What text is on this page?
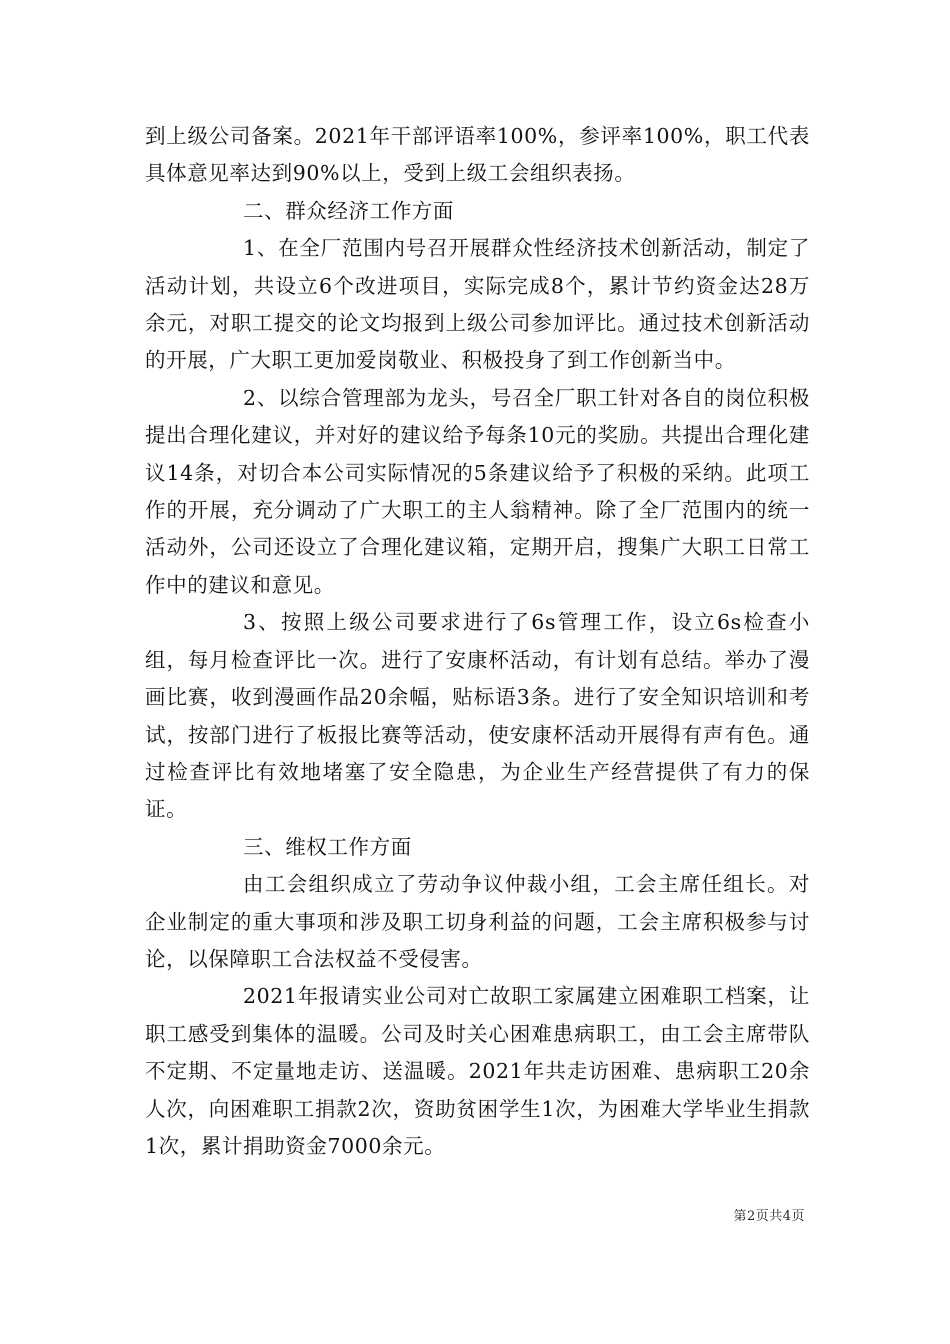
到上级公司备案。2021年干部评语率100%，参评率100%，职工代表具体意见率达到90%以上，受到上级工会组织表扬。

二、群众经济工作方面

1、在全厂范围内号召开展群众性经济技术创新活动，制定了活动计划，共设立6个改进项目，实际完成8个，累计节约资金达28万余元，对职工提交的论文均报到上级公司参加评比。通过技术创新活动的开展，广大职工更加爱岗敬业、积极投身了到工作创新当中。

2、以综合管理部为龙头，号召全厂职工针对各自的岗位积极提出合理化建议，并对好的建议给予每条10元的奖励。共提出合理化建议14条，对切合本公司实际情况的5条建议给予了积极的采纳。此项工作的开展，充分调动了广大职工的主人翁精神。除了全厂范围内的统一活动外，公司还设立了合理化建议箱，定期开启，搜集广大职工日常工作中的建议和意见。

3、按照上级公司要求进行了6s管理工作，设立6s检查小组，每月检查评比一次。进行了安康杯活动，有计划有总结。举办了漫画比赛，收到漫画作品20余幅，贴标语3条。进行了安全知识培训和考试，按部门进行了板报比赛等活动，使安康杯活动开展得有声有色。通过检查评比有效地堵塞了安全隐患，为企业生产经营提供了有力的保证。

三、维权工作方面

由工会组织成立了劳动争议仲裁小组，工会主席任组长。对企业制定的重大事项和涉及职工切身利益的问题，工会主席积极参与讨论，以保障职工合法权益不受侵害。

2021年报请实业公司对亡故职工家属建立困难职工档案，让职工感受到集体的温暖。公司及时关心困难患病职工，由工会主席带队不定期、不定量地走访、送温暖。2021年共走访困难、患病职工20余人次，向困难职工捐款2次，资助贫困学生1次，为困难大学毕业生捐款1次，累计捐助资金7000余元。

第2页共4页
